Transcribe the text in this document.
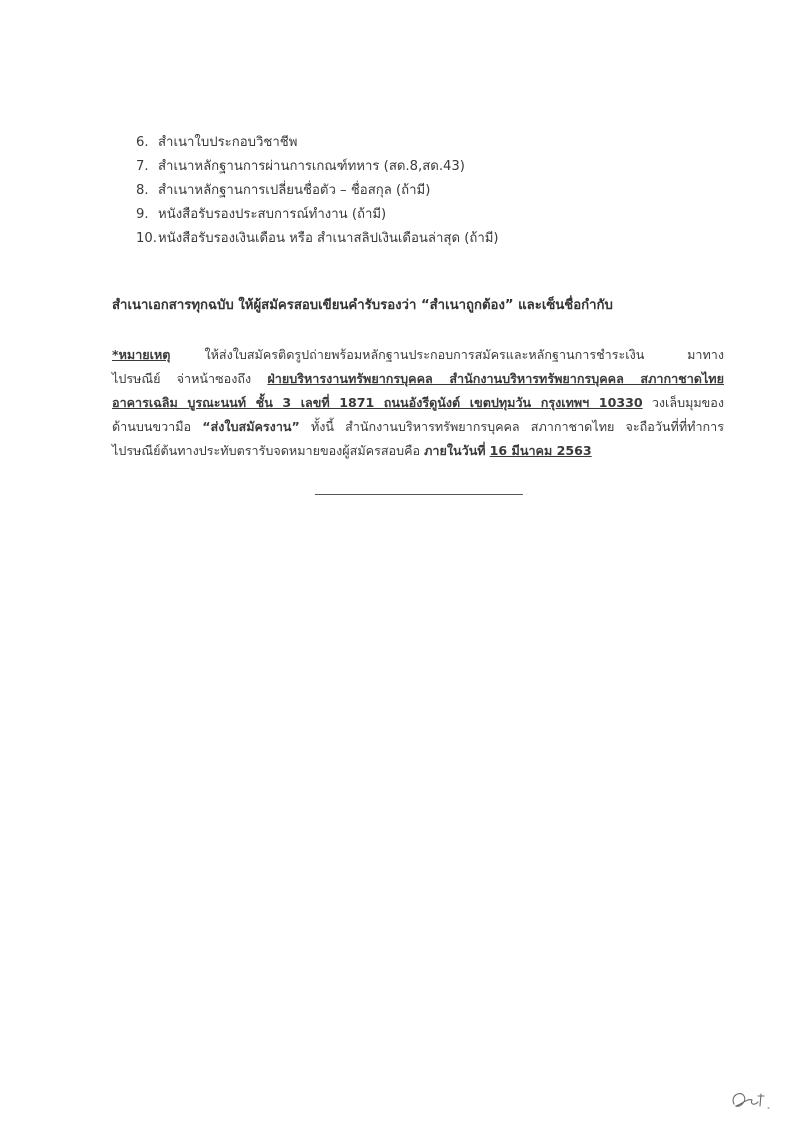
6. สำเนาใบประกอบวิชาชีพ
7. สำเนาหลักฐานการผ่านการเกณฑ์ทหาร (สด.8,สด.43)
8. สำเนาหลักฐานการเปลี่ยนชื่อตัว – ชื่อสกุล (ถ้ามี)
9. หนังสือรับรองประสบการณ์ทำงาน (ถ้ามี)
10. หนังสือรับรองเงินเดือน หรือ สำเนาสลิปเงินเดือนล่าสุด (ถ้ามี)
สำเนาเอกสารทุกฉบับ ให้ผู้สมัครสอบเขียนคำรับรองว่า “สำเนาถูกต้อง” และเซ็นชื่อกำกับ
*หมายเหตุ	ให้ส่งใบสมัครติดรูปถ่ายพร้อมหลักฐานประกอบการสมัครและหลักฐานการชำระเงิน มาทาง
ไปรษณีย์ จ่าหน้าซองถึง ฝ่ายบริหารงานทรัพยากรบุคคล สำนักงานบริหารทรัพยากรบุคคล สภากาชาดไทย
อาคารเฉลิม บูรณะนนท์ ชั้น 3 เลขที่ 1871 ถนนอังรีดูนังต์ เขตปทุมวัน กรุงเทพฯ 10330 วงเล็บมุมของ
ด้านบนขวามือ “ส่งใบสมัครงาน” ทั้งนี้ สำนักงานบริหารทรัพยากรบุคคล สภากาชาดไทย จะถือวันที่ที่ทำการ
ไปรษณีย์ต้นทางประทับตรารับจดหมายของผู้สมัครสอบคือ ภายในวันที่ 16 มีนาคม 2563
